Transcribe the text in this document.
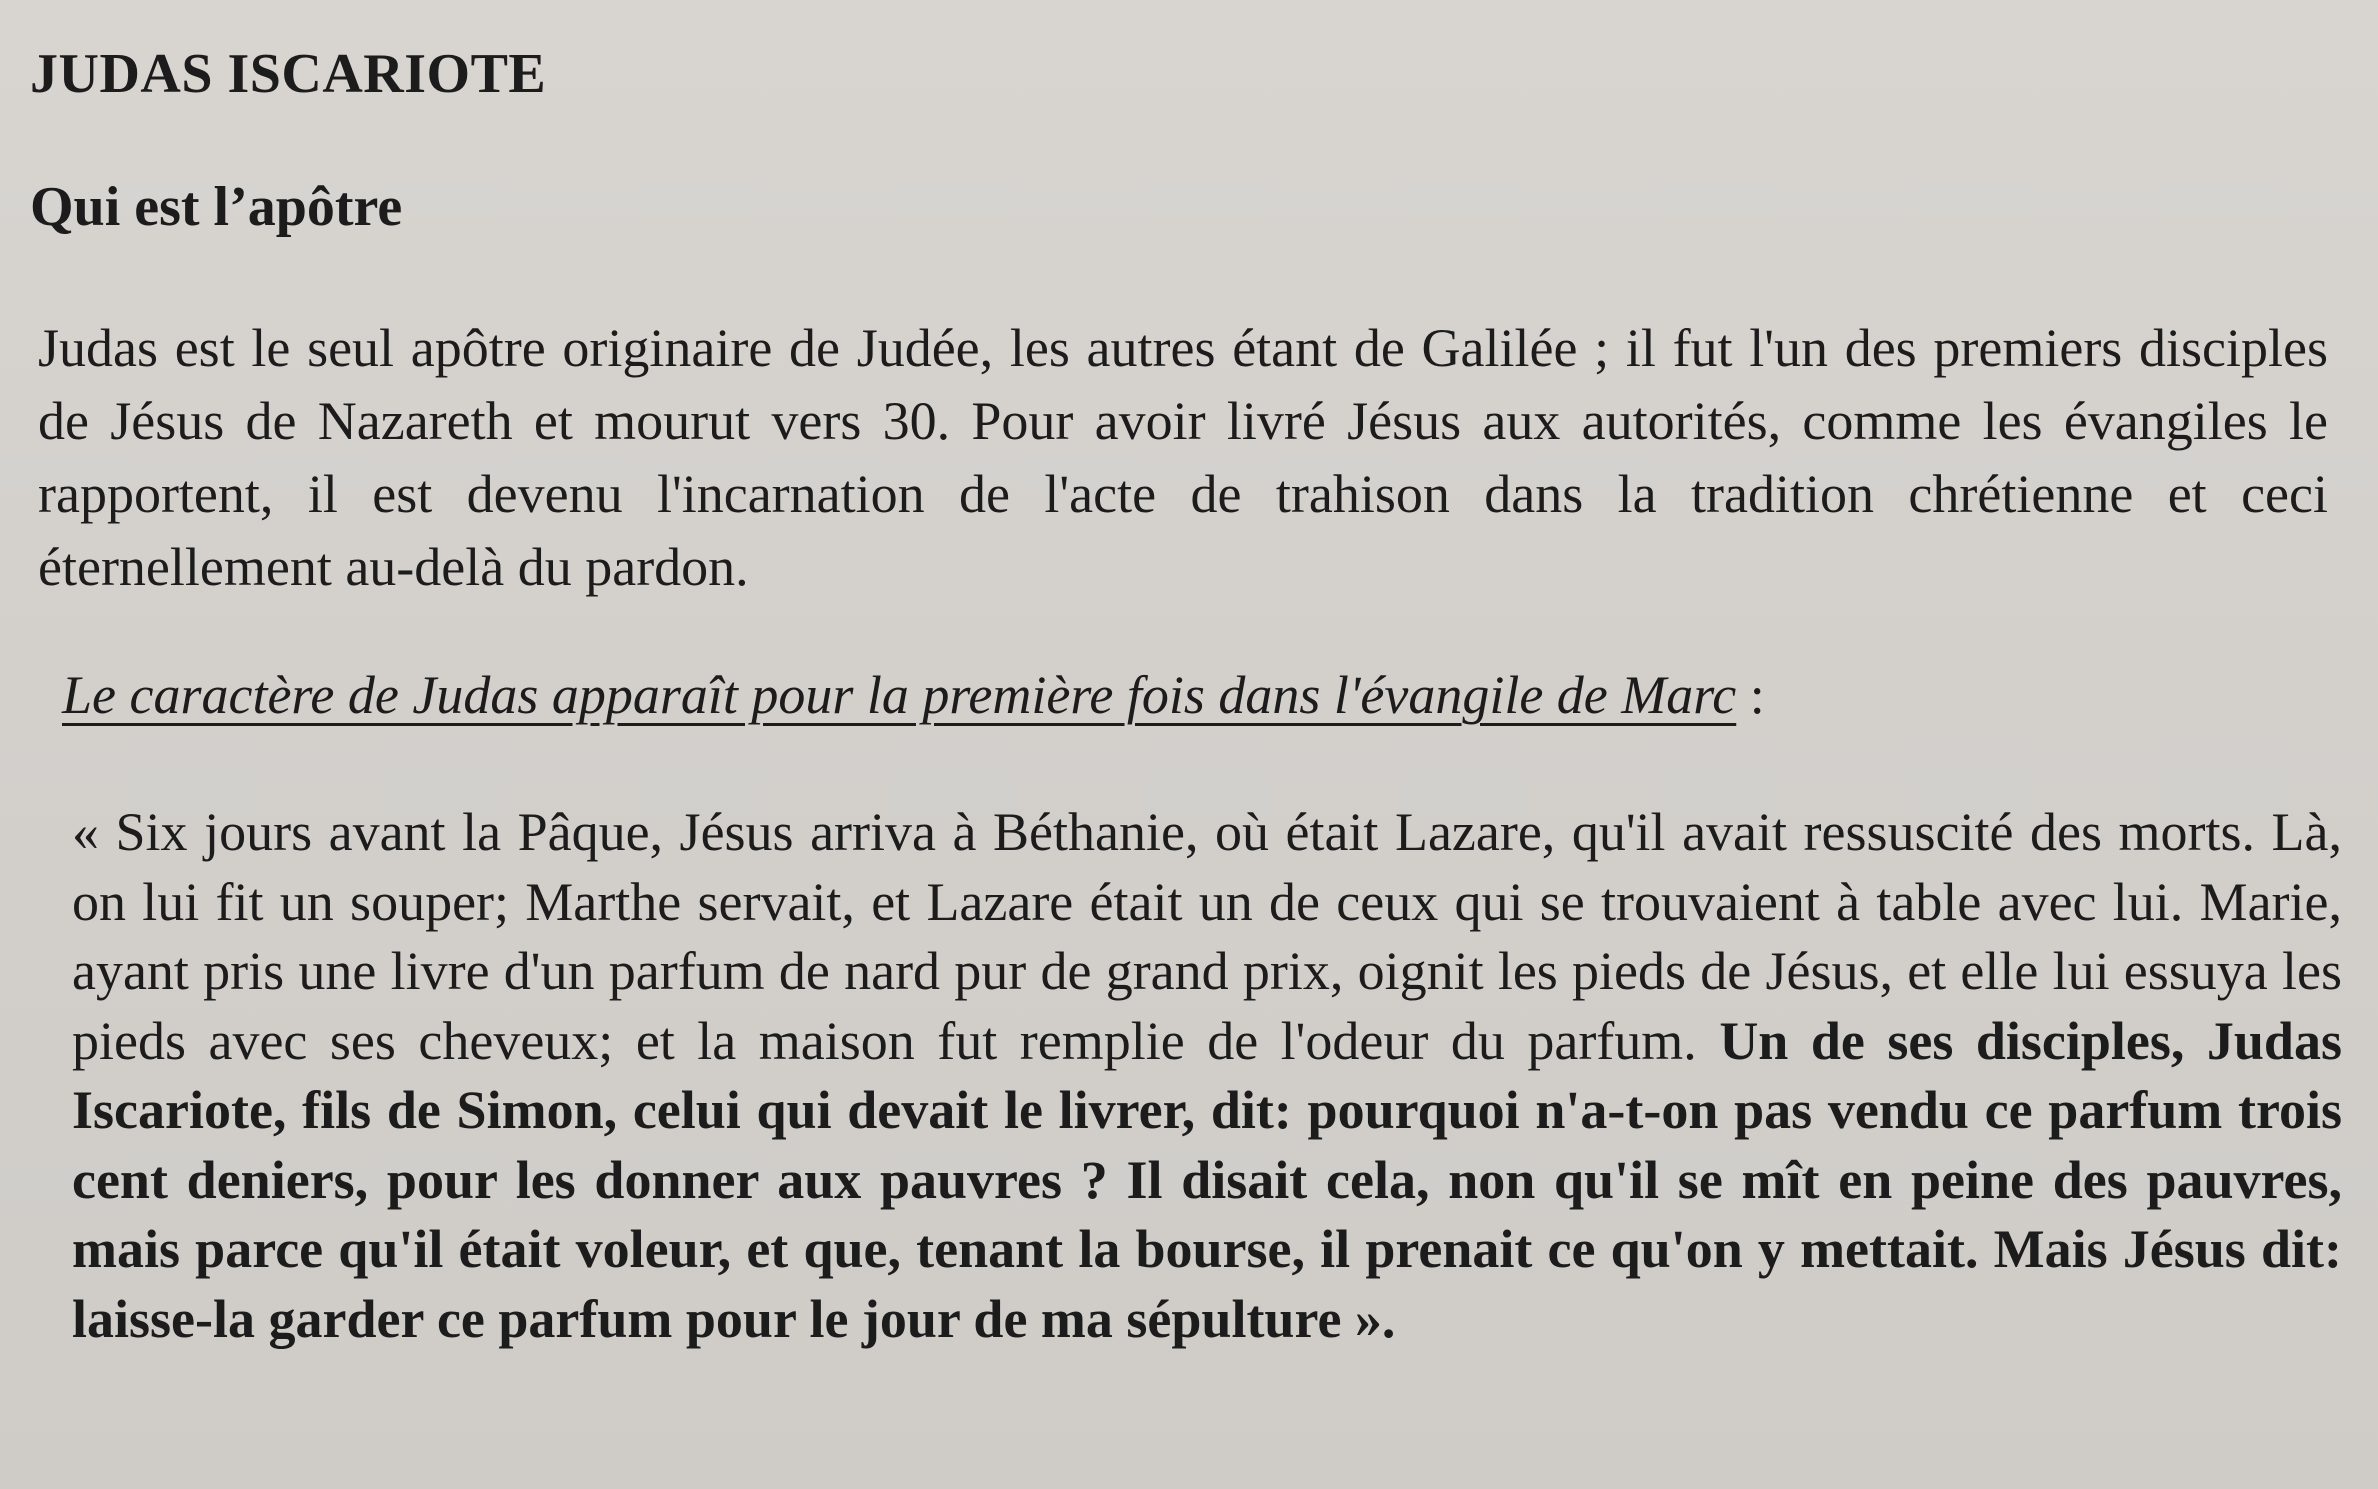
JUDAS ISCARIOTE
Qui est l’apôtre

Judas est le seul apôtre originaire de Judée, les autres étant de Galilée ; il fut l'un des premiers disciples de Jésus de Nazareth et mourut vers 30. Pour avoir livré Jésus aux autorités, comme les évangiles le rapportent, il est devenu l'incarnation de l'acte de trahison dans la tradition chrétienne et ceci éternellement au-delà du pardon.

Le caractère de Judas apparaît pour la première fois dans l'évangile de Marc :

« Six jours avant la Pâque, Jésus arriva à Béthanie, où était Lazare, qu'il avait ressuscité des morts. Là, on lui fit un souper; Marthe servait, et Lazare était un de ceux qui se trouvaient à table avec lui. Marie, ayant pris une livre d'un parfum de nard pur de grand prix, oignit les pieds de Jésus, et elle lui essuya les pieds avec ses cheveux; et la maison fut remplie de l'odeur du parfum. Un de ses disciples, Judas Iscariote, fils de Simon, celui qui devait le livrer, dit: pourquoi n'a-t-on pas vendu ce parfum trois cent deniers, pour les donner aux pauvres ? Il disait cela, non qu'il se mît en peine des pauvres, mais parce qu'il était voleur, et que, tenant la bourse, il prenait ce qu'on y mettait. Mais Jésus dit: laisse-la garder ce parfum pour le jour de ma sépulture ».
